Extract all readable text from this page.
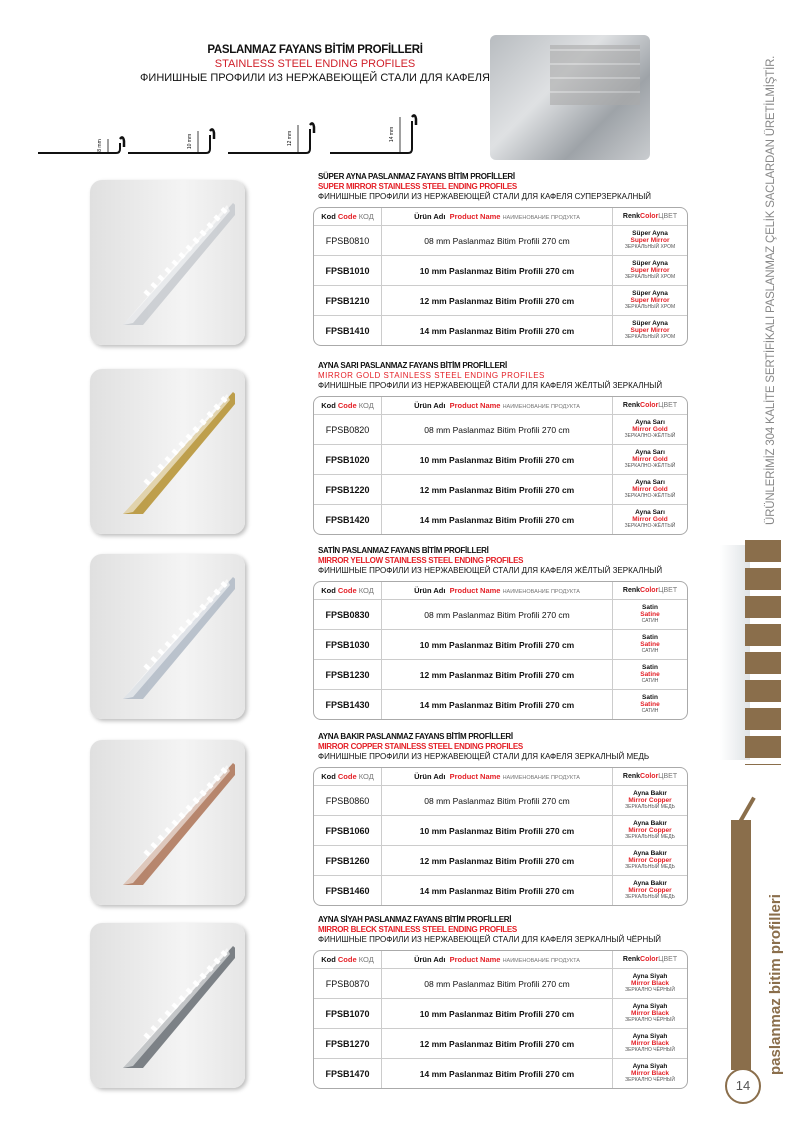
PASLANMAZ FAYANS BİTİM PROFİLLERİ
STAINLESS STEEL ENDING PROFILES
ФИНИШНЫЕ ПРОФИЛИ ИЗ НЕРЖАВЕЮЩЕЙ СТАЛИ ДЛЯ КАФЕЛЯ
8 mm	10 mm	12 mm	14 mm
SÜPER AYNA PASLANMAZ FAYANS BİTİM PROFİLLERİ
SUPER MIRROR STAINLESS STEEL ENDING PROFILES
ФИНИШНЫЕ ПРОФИЛИ ИЗ НЕРЖАВЕЮЩЕЙ СТАЛИ ДЛЯ КАФЕЛЯ СУПЕРЗЕРКАЛНЫЙ
Kod Code КОД	Ürün Adı Product Name НАИМЕНОВАНИЕ ПРОДУКТА	RenkColorЦВЕТ
FPSB0810	08 mm Paslanmaz Bitim Profili 270 cm	Süper Ayna
Super Mirror
ЗЕРКАЛЬНЫЙ ХРОМ

FPSB1010	10 mm Paslanmaz Bitim Profili 270 cm	Süper Ayna
Super Mirror
ЗЕРКАЛЬНЫЙ ХРОМ

FPSB1210	12 mm Paslanmaz Bitim Profili 270 cm	Süper Ayna
Super Mirror
ЗЕРКАЛЬНЫЙ ХРОМ

FPSB1410	14 mm Paslanmaz Bitim Profili 270 cm	Süper Ayna
Super Mirror
ЗЕРКАЛЬНЫЙ ХРОМ
AYNA SARI PASLANMAZ FAYANS BİTİM PROFİLLERİ
MIRROR GOLD STAINLESS STEEL ENDING PROFILES
ФИНИШНЫЕ ПРОФИЛИ ИЗ НЕРЖАВЕЮЩЕЙ СТАЛИ ДЛЯ КАФЕЛЯ ЖЁЛТЫЙ ЗЕРКАЛНЫЙ
Kod Code КОД	Ürün Adı Product Name НАИМЕНОВАНИЕ ПРОДУКТА	RenkColorЦВЕТ
FPSB0820	08 mm Paslanmaz Bitim Profili 270 cm	Ayna Sarı
Mirror Gold
ЗЕРКАЛНО-ЖЁЛТЫЙ

FPSB1020	10 mm Paslanmaz Bitim Profili 270 cm	Ayna Sarı
Mirror Gold
ЗЕРКАЛНО-ЖЁЛТЫЙ

FPSB1220	12 mm Paslanmaz Bitim Profili 270 cm	Ayna Sarı
Mirror Gold
ЗЕРКАЛНО-ЖЁЛТЫЙ

FPSB1420	14 mm Paslanmaz Bitim Profili 270 cm	Ayna Sarı
Mirror Gold
ЗЕРКАЛНО-ЖЁЛТЫЙ
SATİN PASLANMAZ FAYANS BİTİM PROFİLLERİ
MIRROR YELLOW STAINLESS STEEL ENDING PROFILES
ФИНИШНЫЕ ПРОФИЛИ ИЗ НЕРЖАВЕЮЩЕЙ СТАЛИ ДЛЯ КАФЕЛЯ ЖЁЛТЫЙ ЗЕРКАЛНЫЙ
Kod Code КОД	Ürün Adı Product Name НАИМЕНОВАНИЕ ПРОДУКТА	RenkColorЦВЕТ
FPSB0830	08 mm Paslanmaz Bitim Profili 270 cm	Satin
Satine
САТИН

FPSB1030	10 mm Paslanmaz Bitim Profili 270 cm	Satin
Satine
САТИН

FPSB1230	12 mm Paslanmaz Bitim Profili 270 cm	Satin
Satine
САТИН

FPSB1430	14 mm Paslanmaz Bitim Profili 270 cm	Satin
Satine
САТИН
AYNA BAKIR PASLANMAZ FAYANS BİTİM PROFİLLERİ
MIRROR COPPER STAINLESS STEEL ENDING PROFILES
ФИНИШНЫЕ ПРОФИЛИ ИЗ НЕРЖАВЕЮЩЕЙ СТАЛИ ДЛЯ КАФЕЛЯ ЗЕРКАЛНЫЙ МЕДЬ
Kod Code КОД	Ürün Adı Product Name НАИМЕНОВАНИЕ ПРОДУКТА	RenkColorЦВЕТ
FPSB0860	08 mm Paslanmaz Bitim Profili 270 cm	Ayna Bakır
Mirror Copper
ЗЕРКАЛЬНЫЙ МЕДЬ

FPSB1060	10 mm Paslanmaz Bitim Profili 270 cm	Ayna Bakır
Mirror Copper
ЗЕРКАЛЬНЫЙ МЕДЬ

FPSB1260	12 mm Paslanmaz Bitim Profili 270 cm	Ayna Bakır
Mirror Copper
ЗЕРКАЛЬНЫЙ МЕДЬ

FPSB1460	14 mm Paslanmaz Bitim Profili 270 cm	Ayna Bakır
Mirror Copper
ЗЕРКАЛЬНЫЙ МЕДЬ
AYNA SİYAH PASLANMAZ FAYANS BİTİM PROFİLLERİ
MIRROR BLECK STAINLESS STEEL ENDING PROFILES
ФИНИШНЫЕ ПРОФИЛИ ИЗ НЕРЖАВЕЮЩЕЙ СТАЛИ ДЛЯ КАФЕЛЯ ЗЕРКАЛНЫЙ ЧЁРНЫЙ
Kod Code КОД	Ürün Adı Product Name НАИМЕНОВАНИЕ ПРОДУКТА	RenkColorЦВЕТ
FPSB0870	08 mm Paslanmaz Bitim Profili 270 cm	Ayna Siyah
Mirror Black
ЗЕРКАЛНО ЧЁРНЫЙ

FPSB1070	10 mm Paslanmaz Bitim Profili 270 cm	Ayna Siyah
Mirror Black
ЗЕРКАЛНО ЧЁРНЫЙ

FPSB1270	12 mm Paslanmaz Bitim Profili 270 cm	Ayna Siyah
Mirror Black
ЗЕРКАЛНО ЧЁРНЫЙ

FPSB1470	14 mm Paslanmaz Bitim Profili 270 cm	Ayna Siyah
Mirror Black
ЗЕРКАЛНО ЧЁРНЫЙ
ÜRÜNLERİMİZ 304 KALİTE SERTİFİKALI PASLANMAZ ÇELİK SACLARDAN ÜRETİLMİŞTİR.
paslanmaz bitim profilleri
14
